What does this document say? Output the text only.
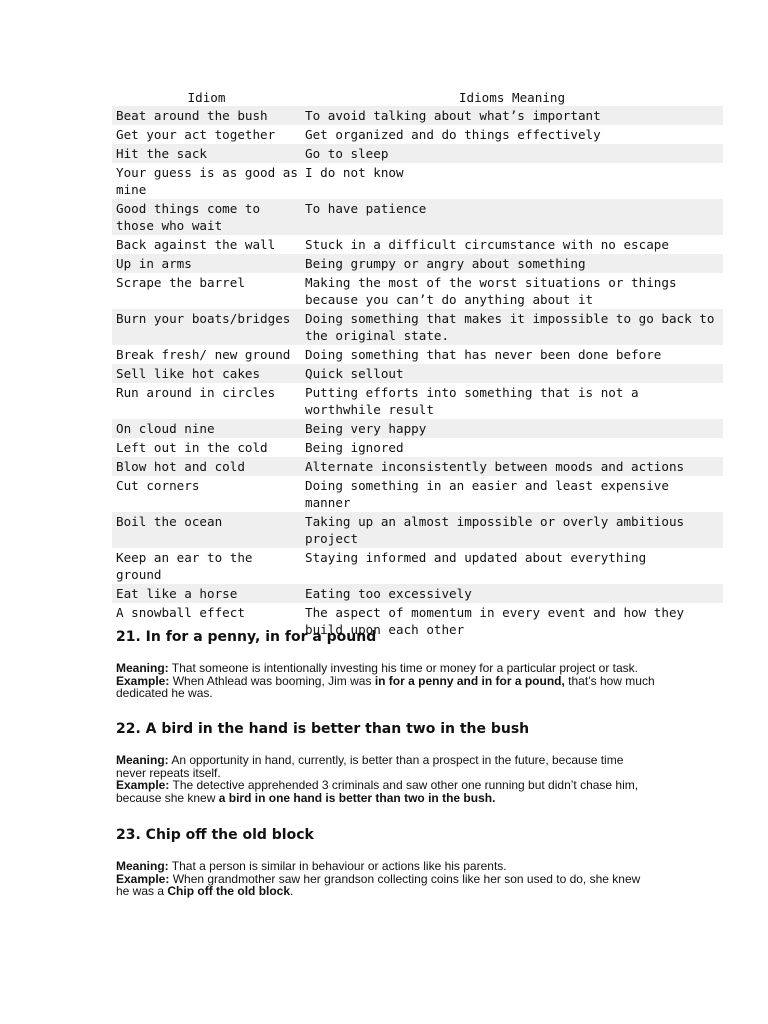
Idiom	Idioms Meaning
Beat around the bush	To avoid talking about what’s important
Get your act together	Get organized and do things effectively
Hit the sack	Go to sleep
Your guess is as good as mine	I do not know
Good things come to those who wait	To have patience
Back against the wall	Stuck in a difficult circumstance with no escape
Up in arms	Being grumpy or angry about something
Scrape the barrel	Making the most of the worst situations or things because you can’t do anything about it
Burn your boats/bridges	Doing something that makes it impossible to go back to the original state.
Break fresh/ new ground	Doing something that has never been done before
Sell like hot cakes	Quick sellout
Run around in circles	Putting efforts into something that is not a worthwhile result
On cloud nine	Being very happy
Left out in the cold	Being ignored
Blow hot and cold	Alternate inconsistently between moods and actions
Cut corners	Doing something in an easier and least expensive manner
Boil the ocean	Taking up an almost impossible or overly ambitious project
Keep an ear to the ground	Staying informed and updated about everything
Eat like a horse	Eating too excessively
A snowball effect	The aspect of momentum in every event and how they build upon each other
21. In for a penny, in for a pound

Meaning: That someone is intentionally investing his time or money for a particular project or task.

Example: When Athlead was booming, Jim was in for a penny and in for a pound, that’s how much dedicated he was.

22. A bird in the hand is better than two in the bush

Meaning: An opportunity in hand, currently, is better than a prospect in the future, because time never repeats itself.

Example: The detective apprehended 3 criminals and saw other one running but didn’t chase him, because she knew a bird in one hand is better than two in the bush.

23. Chip off the old block

Meaning: That a person is similar in behaviour or actions like his parents.

Example: When grandmother saw her grandson collecting coins like her son used to do, she knew he was a Chip off the old block.
